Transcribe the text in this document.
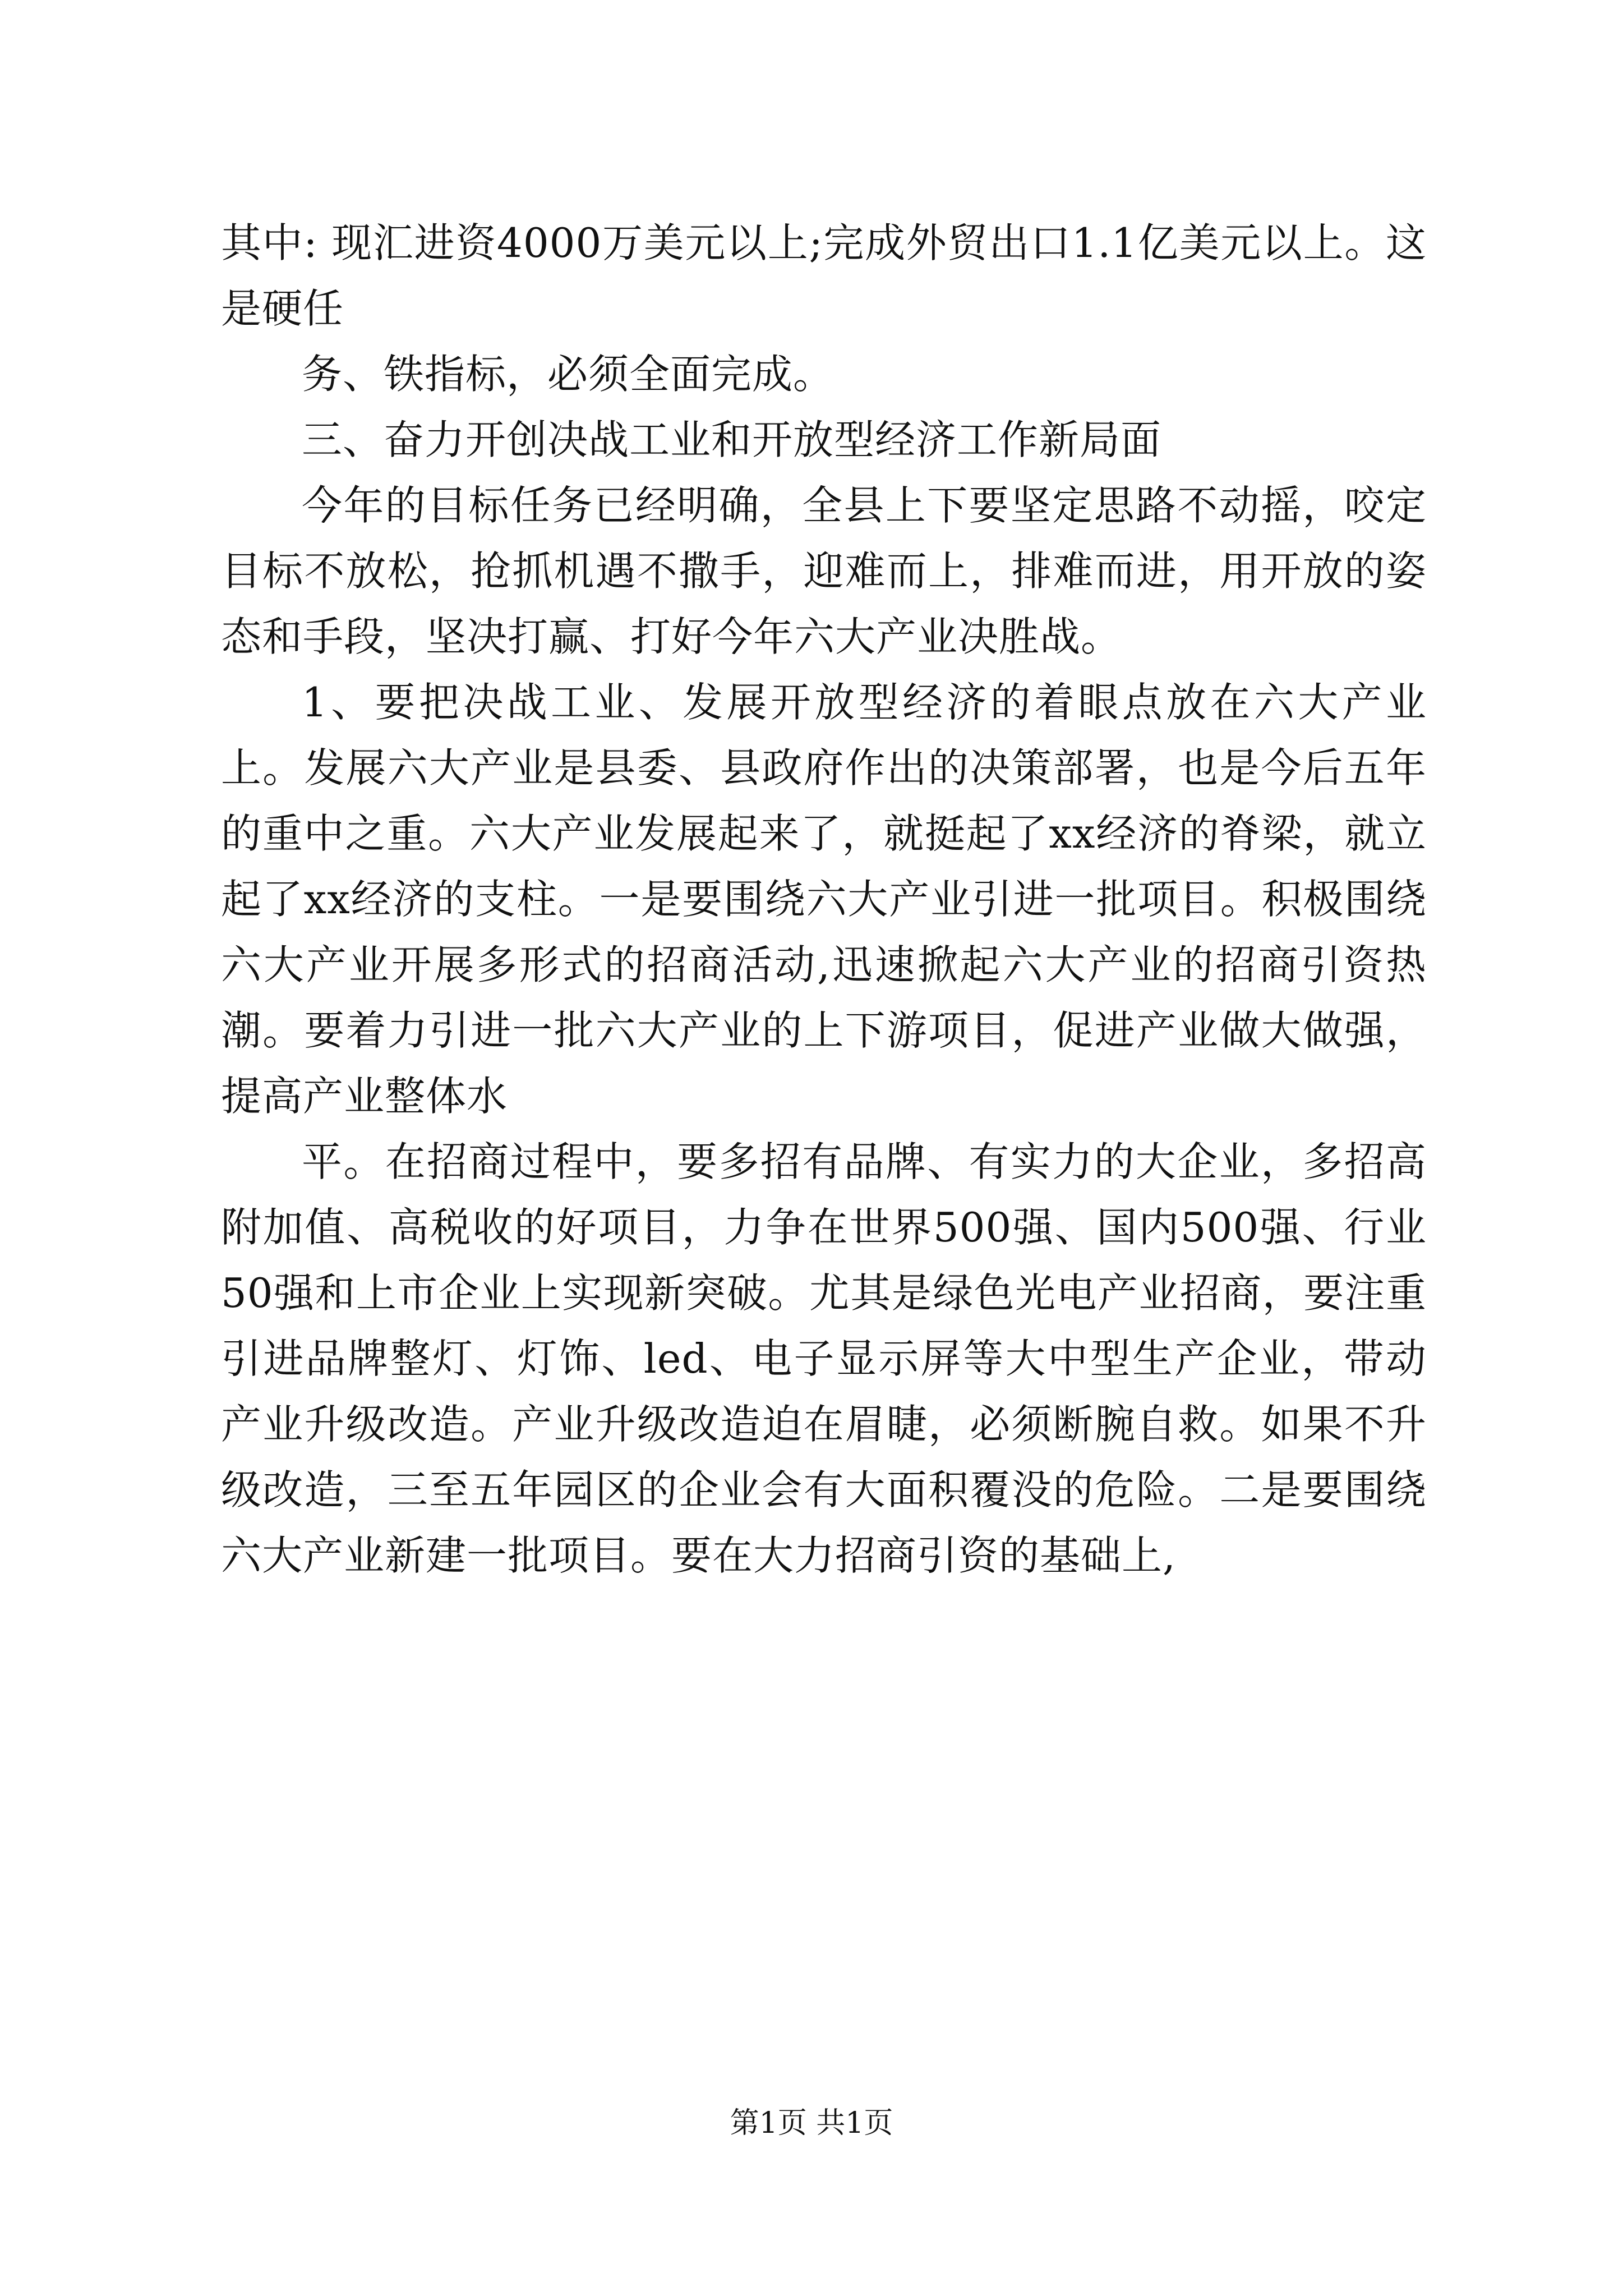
其中: 现汇进资4000万美元以上;完成外贸出口1.1亿美元以上。这是硬任

务、铁指标，必须全面完成。

三、奋力开创决战工业和开放型经济工作新局面

今年的目标任务已经明确，全县上下要坚定思路不动摇，咬定目标不放松，抢抓机遇不撒手，迎难而上，排难而进，用开放的姿态和手段，坚决打赢、打好今年六大产业决胜战。

1、要把决战工业、发展开放型经济的着眼点放在六大产业上。发展六大产业是县委、县政府作出的决策部署，也是今后五年的重中之重。六大产业发展起来了，就挺起了xx经济的脊梁，就立起了xx经济的支柱。一是要围绕六大产业引进一批项目。积极围绕六大产业开展多形式的招商活动,迅速掀起六大产业的招商引资热潮。要着力引进一批六大产业的上下游项目，促进产业做大做强，提高产业整体水

平。在招商过程中，要多招有品牌、有实力的大企业，多招高附加值、高税收的好项目，力争在世界500强、国内500强、行业50强和上市企业上实现新突破。尤其是绿色光电产业招商，要注重引进品牌整灯、灯饰、led、电子显示屏等大中型生产企业，带动产业升级改造。产业升级改造迫在眉睫，必须断腕自救。如果不升级改造，三至五年园区的企业会有大面积覆没的危险。二是要围绕六大产业新建一批项目。要在大力招商引资的基础上,

第1页 共1页
